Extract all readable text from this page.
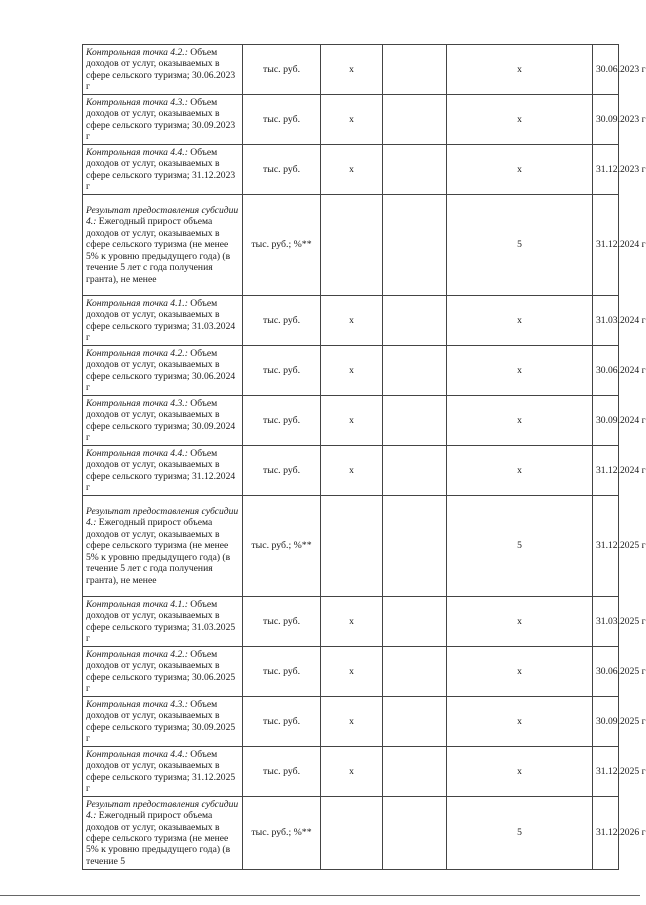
Контрольная точка 4.2.: Объем доходов от услуг, оказываемых в сфере сельского туризма; 30.06.2023 г	тыс. руб.	х		х	30.06.2023 г
Контрольная точка 4.3.: Объем доходов от услуг, оказываемых в сфере сельского туризма; 30.09.2023 г	тыс. руб.	х		х	30.09.2023 г
Контрольная точка 4.4.: Объем доходов от услуг, оказываемых в сфере сельского туризма; 31.12.2023 г	тыс. руб.	х		х	31.12.2023 г
Результат предоставления субсидии 4.: Ежегодный прирост объема доходов от услуг, оказываемых в сфере сельского туризма (не менее 5% к уровню предыдущего года) (в течение 5 лет с года получения гранта), не менее	тыс. руб.; %**			5	31.12.2024 г
Контрольная точка 4.1.: Объем доходов от услуг, оказываемых в сфере сельского туризма; 31.03.2024 г	тыс. руб.	х		х	31.03.2024 г
Контрольная точка 4.2.: Объем доходов от услуг, оказываемых в сфере сельского туризма; 30.06.2024 г	тыс. руб.	х		х	30.06.2024 г
Контрольная точка 4.3.: Объем доходов от услуг, оказываемых в сфере сельского туризма; 30.09.2024 г	тыс. руб.	х		х	30.09.2024 г
Контрольная точка 4.4.: Объем доходов от услуг, оказываемых в сфере сельского туризма; 31.12.2024 г	тыс. руб.	х		х	31.12.2024 г
Результат предоставления субсидии 4.: Ежегодный прирост объема доходов от услуг, оказываемых в сфере сельского туризма (не менее 5% к уровню предыдущего года) (в течение 5 лет с года получения гранта), не менее	тыс. руб.; %**			5	31.12.2025 г
Контрольная точка 4.1.: Объем доходов от услуг, оказываемых в сфере сельского туризма; 31.03.2025 г	тыс. руб.	х		х	31.03.2025 г
Контрольная точка 4.2.: Объем доходов от услуг, оказываемых в сфере сельского туризма; 30.06.2025 г	тыс. руб.	х		х	30.06.2025 г
Контрольная точка 4.3.: Объем доходов от услуг, оказываемых в сфере сельского туризма; 30.09.2025 г	тыс. руб.	х		х	30.09.2025 г
Контрольная точка 4.4.: Объем доходов от услуг, оказываемых в сфере сельского туризма; 31.12.2025 г	тыс. руб.	х		х	31.12.2025 г
Результат предоставления субсидии 4.: Ежегодный прирост объема доходов от услуг, оказываемых в сфере сельского туризма (не менее 5% к уровню предыдущего года) (в течение 5	тыс. руб.; %**			5	31.12.2026 г
